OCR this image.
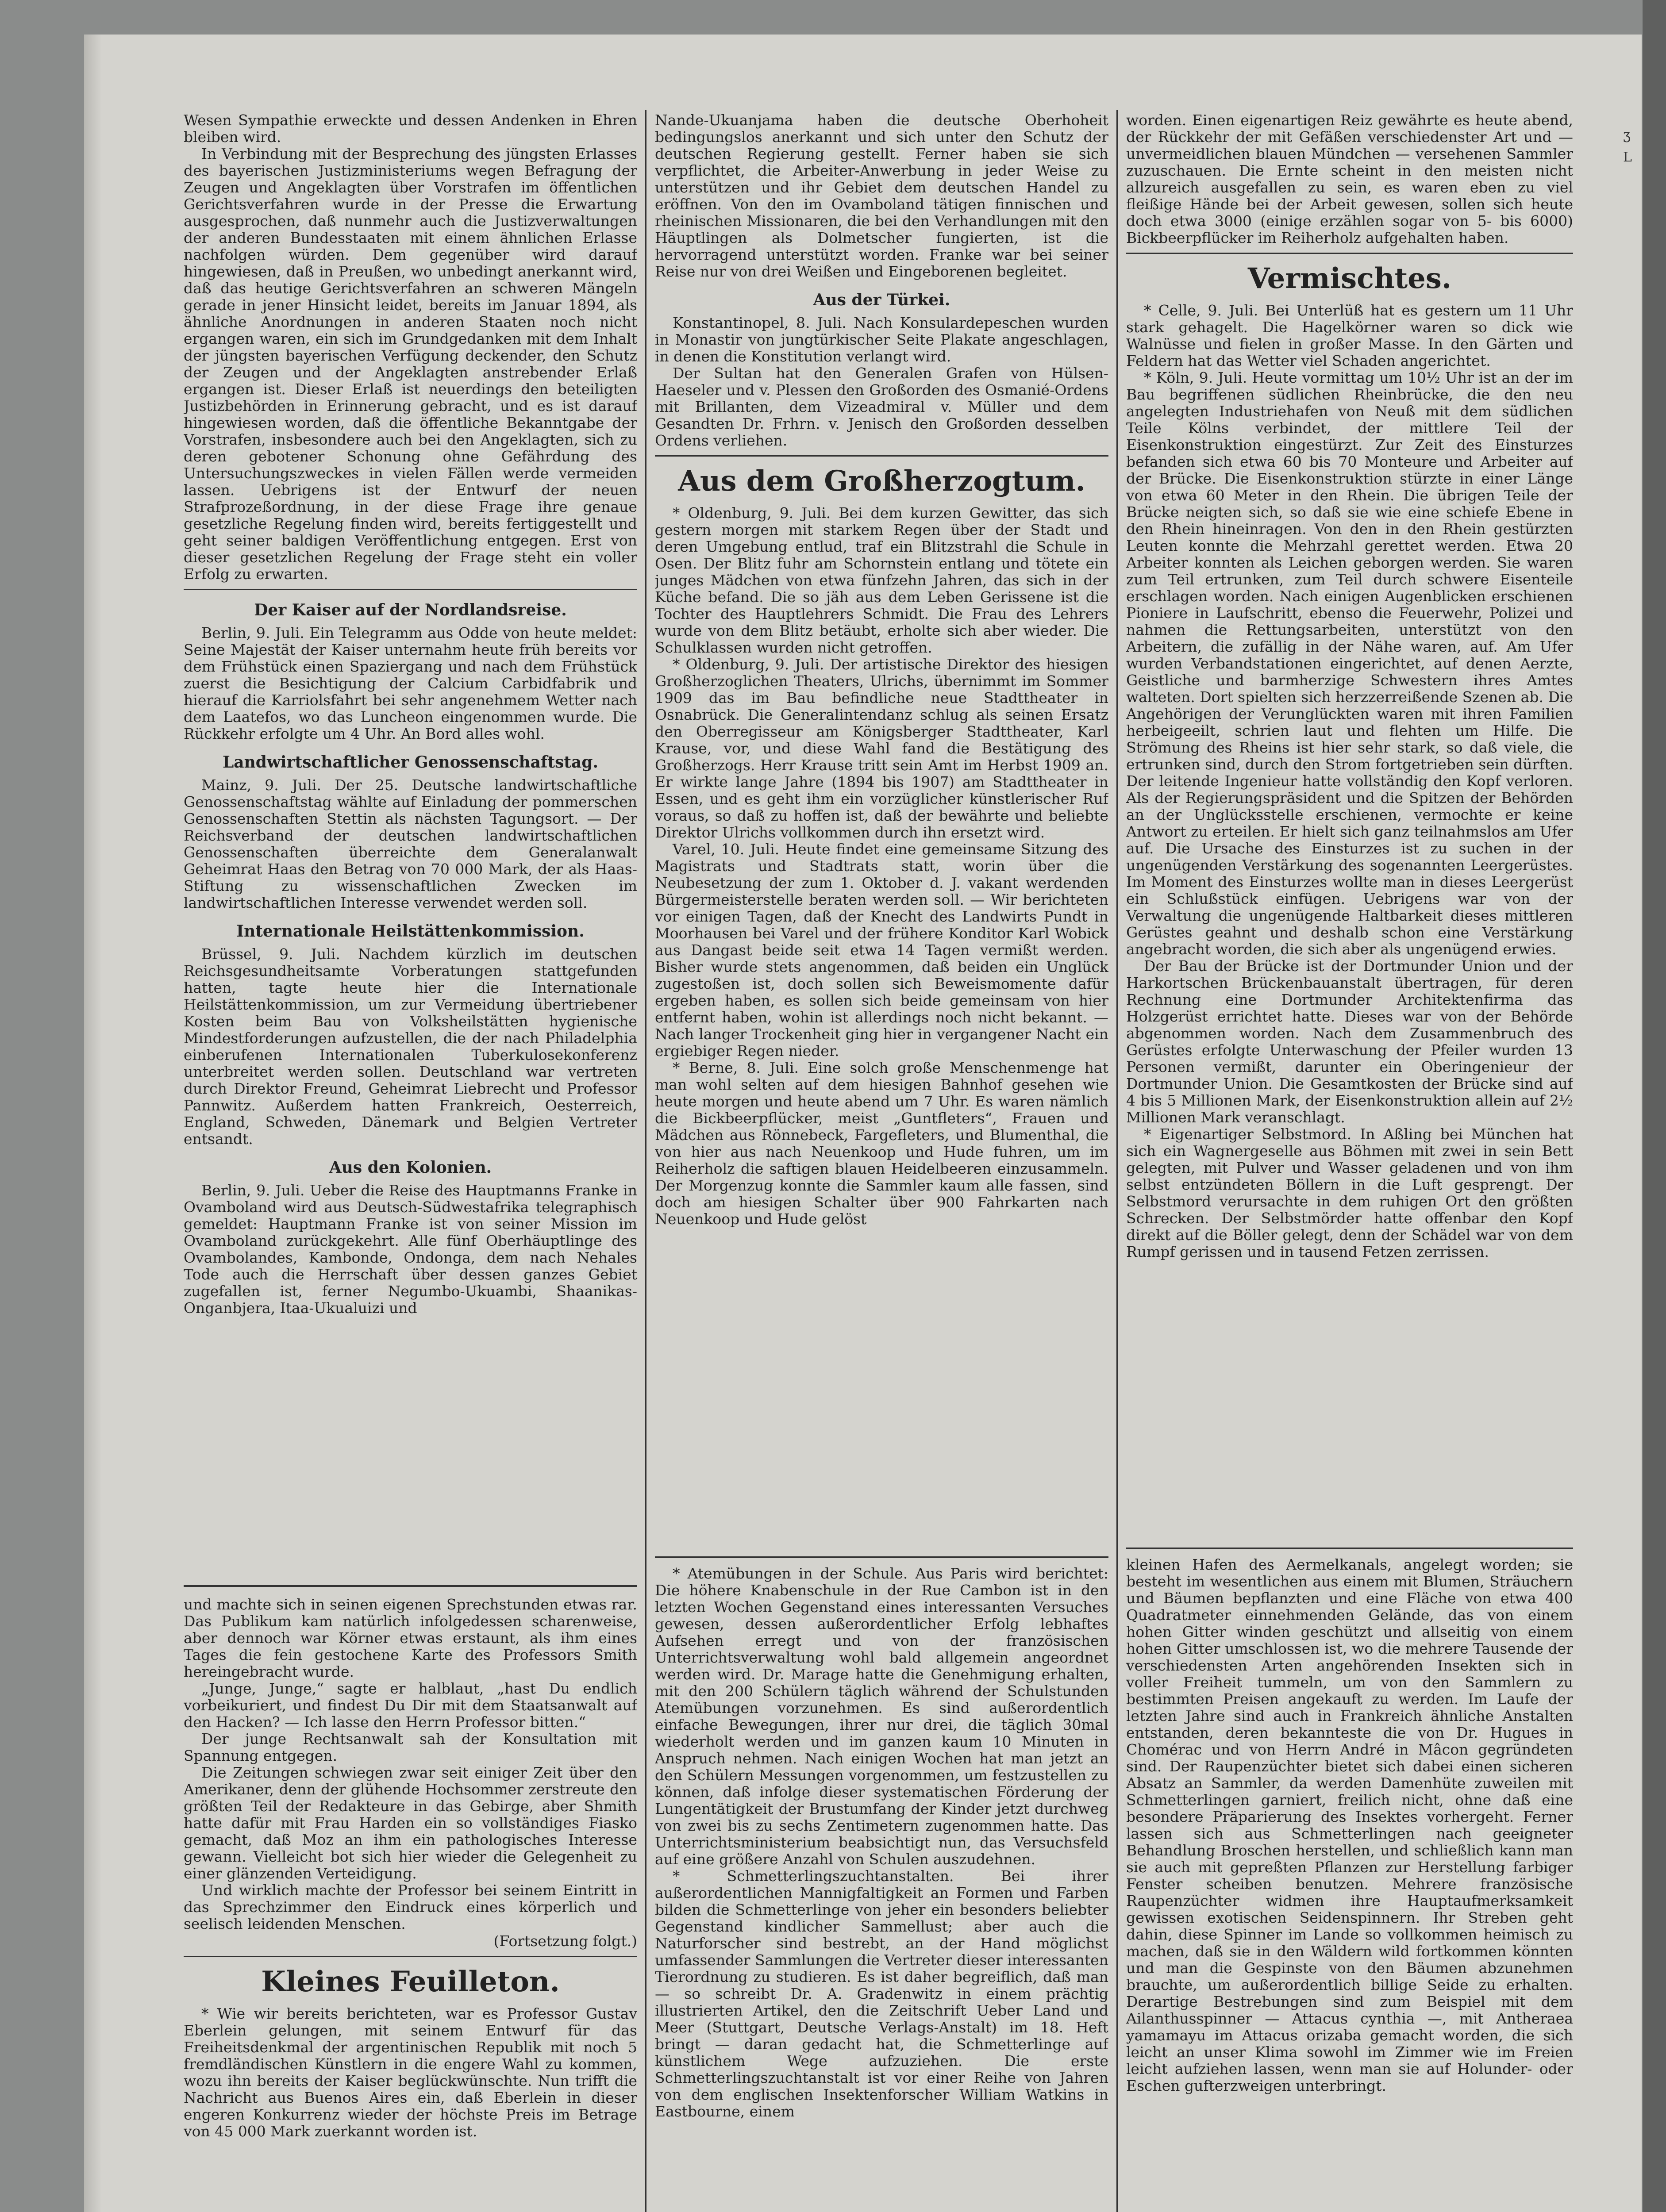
Wesen Sympathie erweckte und dessen Andenken in Ehren bleiben wird.

In Verbindung mit der Besprechung des jüngsten Erlasses des bayerischen Justizministeriums wegen Befragung der Zeugen und Angeklagten über Vorstrafen im öffentlichen Gerichtsverfahren wurde in der Presse die Erwartung ausgesprochen, daß nunmehr auch die Justizverwaltungen der anderen Bundesstaaten mit einem ähnlichen Erlasse nachfolgen würden. Dem gegenüber wird darauf hingewiesen, daß in Preußen, wo unbedingt anerkannt wird, daß das heutige Gerichtsverfahren an schweren Mängeln gerade in jener Hinsicht leidet, bereits im Januar 1894, als ähnliche Anordnungen in anderen Staaten noch nicht ergangen waren, ein sich im Grundgedanken mit dem Inhalt der jüngsten bayerischen Verfügung deckender, den Schutz der Zeugen und der Angeklagten anstrebender Erlaß ergangen ist. Dieser Erlaß ist neuerdings den beteiligten Justizbehörden in Erinnerung gebracht, und es ist darauf hingewiesen worden, daß die öffentliche Bekanntgabe der Vorstrafen, insbesondere auch bei den Angeklagten, sich zu deren gebotener Schonung ohne Gefährdung des Untersuchungszweckes in vielen Fällen werde vermeiden lassen. Uebrigens ist der Entwurf der neuen Strafprozeßordnung, in der diese Frage ihre genaue gesetzliche Regelung finden wird, bereits fertiggestellt und geht seiner baldigen Veröffentlichung entgegen. Erst von dieser gesetzlichen Regelung der Frage steht ein voller Erfolg zu erwarten.

Der Kaiser auf der Nordlandsreise.

Berlin, 9. Juli. Ein Telegramm aus Odde von heute meldet: Seine Majestät der Kaiser unternahm heute früh bereits vor dem Frühstück einen Spaziergang und nach dem Frühstück zuerst die Besichtigung der Calcium Carbidfabrik und hierauf die Karriolsfahrt bei sehr angenehmem Wetter nach dem Laatefos, wo das Luncheon eingenommen wurde. Die Rückkehr erfolgte um 4 Uhr. An Bord alles wohl.

Landwirtschaftlicher Genossenschaftstag.

Mainz, 9. Juli. Der 25. Deutsche landwirtschaftliche Genossenschaftstag wählte auf Einladung der pommerschen Genossenschaften Stettin als nächsten Tagungsort. — Der Reichsverband der deutschen landwirtschaftlichen Genossenschaften überreichte dem Generalanwalt Geheimrat Haas den Betrag von 70 000 Mark, der als Haas-Stiftung zu wissenschaftlichen Zwecken im landwirtschaftlichen Interesse verwendet werden soll.

Internationale Heilstättenkommission.

Brüssel, 9. Juli. Nachdem kürzlich im deutschen Reichsgesundheitsamte Vorberatungen stattgefunden hatten, tagte heute hier die Internationale Heilstättenkommission, um zur Vermeidung übertriebener Kosten beim Bau von Volksheilstätten hygienische Mindestforderungen aufzustellen, die der nach Philadelphia einberufenen Internationalen Tuberkulosekonferenz unterbreitet werden sollen. Deutschland war vertreten durch Direktor Freund, Geheimrat Liebrecht und Professor Pannwitz. Außerdem hatten Frankreich, Oesterreich, England, Schweden, Dänemark und Belgien Vertreter entsandt.

Aus den Kolonien.

Berlin, 9. Juli. Ueber die Reise des Hauptmanns Franke in Ovamboland wird aus Deutsch-Südwestafrika telegraphisch gemeldet: Hauptmann Franke ist von seiner Mission im Ovamboland zurückgekehrt. Alle fünf Oberhäuptlinge des Ovambolandes, Kambonde, Ondonga, dem nach Nehales Tode auch die Herrschaft über dessen ganzes Gebiet zugefallen ist, ferner Negumbo-Ukuambi, Shaanikas-Onganbjera, Itaa-Ukualuizi und

Nande-Ukuanjama haben die deutsche Oberhoheit bedingungslos anerkannt und sich unter den Schutz der deutschen Regierung gestellt. Ferner haben sie sich verpflichtet, die Arbeiter-Anwerbung in jeder Weise zu unterstützen und ihr Gebiet dem deutschen Handel zu eröffnen. Von den im Ovamboland tätigen finnischen und rheinischen Missionaren, die bei den Verhandlungen mit den Häuptlingen als Dolmetscher fungierten, ist die hervorragend unterstützt worden. Franke war bei seiner Reise nur von drei Weißen und Eingeborenen begleitet.

Aus der Türkei.

Konstantinopel, 8. Juli. Nach Konsulardepeschen wurden in Monastir von jungtürkischer Seite Plakate angeschlagen, in denen die Konstitution verlangt wird.

Der Sultan hat den Generalen Grafen von Hülsen-Haeseler und v. Plessen den Großorden des Osmanié-Ordens mit Brillanten, dem Vizeadmiral v. Müller und dem Gesandten Dr. Frhrn. v. Jenisch den Großorden desselben Ordens verliehen.

Aus dem Großherzogtum.

* Oldenburg, 9. Juli. Bei dem kurzen Gewitter, das sich gestern morgen mit starkem Regen über der Stadt und deren Umgebung entlud, traf ein Blitzstrahl die Schule in Osen. Der Blitz fuhr am Schornstein entlang und tötete ein junges Mädchen von etwa fünfzehn Jahren, das sich in der Küche befand. Die so jäh aus dem Leben Gerissene ist die Tochter des Hauptlehrers Schmidt. Die Frau des Lehrers wurde von dem Blitz betäubt, erholte sich aber wieder. Die Schulklassen wurden nicht getroffen.

* Oldenburg, 9. Juli. Der artistische Direktor des hiesigen Großherzoglichen Theaters, Ulrichs, übernimmt im Sommer 1909 das im Bau befindliche neue Stadttheater in Osnabrück. Die Generalintendanz schlug als seinen Ersatz den Oberregisseur am Königsberger Stadttheater, Karl Krause, vor, und diese Wahl fand die Bestätigung des Großherzogs. Herr Krause tritt sein Amt im Herbst 1909 an. Er wirkte lange Jahre (1894 bis 1907) am Stadttheater in Essen, und es geht ihm ein vorzüglicher künstlerischer Ruf voraus, so daß zu hoffen ist, daß der bewährte und beliebte Direktor Ulrichs vollkommen durch ihn ersetzt wird.

Varel, 10. Juli. Heute findet eine gemeinsame Sitzung des Magistrats und Stadtrats statt, worin über die Neubesetzung der zum 1. Oktober d. J. vakant werdenden Bürgermeisterstelle beraten werden soll. — Wir berichteten vor einigen Tagen, daß der Knecht des Landwirts Pundt in Moorhausen bei Varel und der frühere Konditor Karl Wobick aus Dangast beide seit etwa 14 Tagen vermißt werden. Bisher wurde stets angenommen, daß beiden ein Unglück zugestoßen ist, doch sollen sich Beweismomente dafür ergeben haben, es sollen sich beide gemeinsam von hier entfernt haben, wohin ist allerdings noch nicht bekannt. — Nach langer Trockenheit ging hier in vergangener Nacht ein ergiebiger Regen nieder.

* Berne, 8. Juli. Eine solch große Menschenmenge hat man wohl selten auf dem hiesigen Bahnhof gesehen wie heute morgen und heute abend um 7 Uhr. Es waren nämlich die Bickbeerpflücker, meist „Guntfleters“, Frauen und Mädchen aus Rönnebeck, Fargefleters, und Blumenthal, die von hier aus nach Neuenkoop und Hude fuhren, um im Reiherholz die saftigen blauen Heidelbeeren einzusammeln. Der Morgenzug konnte die Sammler kaum alle fassen, sind doch am hiesigen Schalter über 900 Fahrkarten nach Neuenkoop und Hude gelöst

worden. Einen eigenartigen Reiz gewährte es heute abend, der Rückkehr der mit Gefäßen verschiedenster Art und — unvermeidlichen blauen Mündchen — versehenen Sammler zuzuschauen. Die Ernte scheint in den meisten nicht allzureich ausgefallen zu sein, es waren eben zu viel fleißige Hände bei der Arbeit gewesen, sollen sich heute doch etwa 3000 (einige erzählen sogar von 5- bis 6000) Bickbeerpflücker im Reiherholz aufgehalten haben.

Vermischtes.

* Celle, 9. Juli. Bei Unterlüß hat es gestern um 11 Uhr stark gehagelt. Die Hagelkörner waren so dick wie Walnüsse und fielen in großer Masse. In den Gärten und Feldern hat das Wetter viel Schaden angerichtet.

* Köln, 9. Juli. Heute vormittag um 10½ Uhr ist an der im Bau begriffenen südlichen Rheinbrücke, die den neu angelegten Industriehafen von Neuß mit dem südlichen Teile Kölns verbindet, der mittlere Teil der Eisenkonstruktion eingestürzt. Zur Zeit des Einsturzes befanden sich etwa 60 bis 70 Monteure und Arbeiter auf der Brücke. Die Eisenkonstruktion stürzte in einer Länge von etwa 60 Meter in den Rhein. Die übrigen Teile der Brücke neigten sich, so daß sie wie eine schiefe Ebene in den Rhein hineinragen. Von den in den Rhein gestürzten Leuten konnte die Mehrzahl gerettet werden. Etwa 20 Arbeiter konnten als Leichen geborgen werden. Sie waren zum Teil ertrunken, zum Teil durch schwere Eisenteile erschlagen worden. Nach einigen Augenblicken erschienen Pioniere in Laufschritt, ebenso die Feuerwehr, Polizei und nahmen die Rettungsarbeiten, unterstützt von den Arbeitern, die zufällig in der Nähe waren, auf. Am Ufer wurden Verbandstationen eingerichtet, auf denen Aerzte, Geistliche und barmherzige Schwestern ihres Amtes walteten. Dort spielten sich herzzerreißende Szenen ab. Die Angehörigen der Verunglückten waren mit ihren Familien herbeigeeilt, schrien laut und flehten um Hilfe. Die Strömung des Rheins ist hier sehr stark, so daß viele, die ertrunken sind, durch den Strom fortgetrieben sein dürften. Der leitende Ingenieur hatte vollständig den Kopf verloren. Als der Regierungspräsident und die Spitzen der Behörden an der Unglücksstelle erschienen, vermochte er keine Antwort zu erteilen. Er hielt sich ganz teilnahmslos am Ufer auf. Die Ursache des Einsturzes ist zu suchen in der ungenügenden Verstärkung des sogenannten Leergerüstes. Im Moment des Einsturzes wollte man in dieses Leergerüst ein Schlußstück einfügen. Uebrigens war von der Verwaltung die ungenügende Haltbarkeit dieses mittleren Gerüstes geahnt und deshalb schon eine Verstärkung angebracht worden, die sich aber als ungenügend erwies.

Der Bau der Brücke ist der Dortmunder Union und der Harkortschen Brückenbauanstalt übertragen, für deren Rechnung eine Dortmunder Architektenfirma das Holzgerüst errichtet hatte. Dieses war von der Behörde abgenommen worden. Nach dem Zusammenbruch des Gerüstes erfolgte Unterwaschung der Pfeiler wurden 13 Personen vermißt, darunter ein Oberingenieur der Dortmunder Union. Die Gesamtkosten der Brücke sind auf 4 bis 5 Millionen Mark, der Eisenkonstruktion allein auf 2½ Millionen Mark veranschlagt.

* Eigenartiger Selbstmord. In Aßling bei München hat sich ein Wagnergeselle aus Böhmen mit zwei in sein Bett gelegten, mit Pulver und Wasser geladenen und von ihm selbst entzündeten Böllern in die Luft gesprengt. Der Selbstmord verursachte in dem ruhigen Ort den größten Schrecken. Der Selbstmörder hatte offenbar den Kopf direkt auf die Böller gelegt, denn der Schädel war von dem Rumpf gerissen und in tausend Fetzen zerrissen.

und machte sich in seinen eigenen Sprechstunden etwas rar. Das Publikum kam natürlich infolgedessen scharenweise, aber dennoch war Körner etwas erstaunt, als ihm eines Tages die fein gestochene Karte des Professors Smith hereingebracht wurde.

„Junge, Junge,“ sagte er halblaut, „hast Du endlich vorbeikuriert, und findest Du Dir mit dem Staatsanwalt auf den Hacken? — Ich lasse den Herrn Professor bitten.“

Der junge Rechtsanwalt sah der Konsultation mit Spannung entgegen.

Die Zeitungen schwiegen zwar seit einiger Zeit über den Amerikaner, denn der glühende Hochsommer zerstreute den größten Teil der Redakteure in das Gebirge, aber Shmith hatte dafür mit Frau Harden ein so vollständiges Fiasko gemacht, daß Moz an ihm ein pathologisches Interesse gewann. Vielleicht bot sich hier wieder die Gelegenheit zu einer glänzenden Verteidigung.

Und wirklich machte der Professor bei seinem Eintritt in das Sprechzimmer den Eindruck eines körperlich und seelisch leidenden Menschen.

(Fortsetzung folgt.)
Kleines Feuilleton.

* Wie wir bereits berichteten, war es Professor Gustav Eberlein gelungen, mit seinem Entwurf für das Freiheitsdenkmal der argentinischen Republik mit noch 5 fremdländischen Künstlern in die engere Wahl zu kommen, wozu ihn bereits der Kaiser beglückwünschte. Nun trifft die Nachricht aus Buenos Aires ein, daß Eberlein in dieser engeren Konkurrenz wieder der höchste Preis im Betrage von 45 000 Mark zuerkannt worden ist.

* Atemübungen in der Schule. Aus Paris wird berichtet: Die höhere Knabenschule in der Rue Cambon ist in den letzten Wochen Gegenstand eines interessanten Versuches gewesen, dessen außerordentlicher Erfolg lebhaftes Aufsehen erregt und von der französischen Unterrichtsverwaltung wohl bald allgemein angeordnet werden wird. Dr. Marage hatte die Genehmigung erhalten, mit den 200 Schülern täglich während der Schulstunden Atemübungen vorzunehmen. Es sind außerordentlich einfache Bewegungen, ihrer nur drei, die täglich 30mal wiederholt werden und im ganzen kaum 10 Minuten in Anspruch nehmen. Nach einigen Wochen hat man jetzt an den Schülern Messungen vorgenommen, um festzustellen zu können, daß infolge dieser systematischen Förderung der Lungentätigkeit der Brustumfang der Kinder jetzt durchweg von zwei bis zu sechs Zentimetern zugenommen hatte. Das Unterrichtsministerium beabsichtigt nun, das Versuchsfeld auf eine größere Anzahl von Schulen auszudehnen.

* Schmetterlingszuchtanstalten. Bei ihrer außerordentlichen Mannigfaltigkeit an Formen und Farben bilden die Schmetterlinge von jeher ein besonders beliebter Gegenstand kindlicher Sammellust; aber auch die Naturforscher sind bestrebt, an der Hand möglichst umfassender Sammlungen die Vertreter dieser interessanten Tierordnung zu studieren. Es ist daher begreiflich, daß man — so schreibt Dr. A. Gradenwitz in einem prächtig illustrierten Artikel, den die Zeitschrift Ueber Land und Meer (Stuttgart, Deutsche Verlags-Anstalt) im 18. Heft bringt — daran gedacht hat, die Schmetterlinge auf künstlichem Wege aufzuziehen. Die erste Schmetterlingszuchtanstalt ist vor einer Reihe von Jahren von dem englischen Insektenforscher William Watkins in Eastbourne, einem

kleinen Hafen des Aermelkanals, angelegt worden; sie besteht im wesentlichen aus einem mit Blumen, Sträuchern und Bäumen bepflanzten und eine Fläche von etwa 400 Quadratmeter einnehmenden Gelände, das von einem hohen Gitter winden geschützt und allseitig von einem hohen Gitter umschlossen ist, wo die mehrere Tausende der verschiedensten Arten angehörenden Insekten sich in voller Freiheit tummeln, um von den Sammlern zu bestimmten Preisen angekauft zu werden. Im Laufe der letzten Jahre sind auch in Frankreich ähnliche Anstalten entstanden, deren bekannteste die von Dr. Hugues in Chomérac und von Herrn André in Mâcon gegründeten sind. Der Raupenzüchter bietet sich dabei einen sicheren Absatz an Sammler, da werden Damenhüte zuweilen mit Schmetterlingen garniert, freilich nicht, ohne daß eine besondere Präparierung des Insektes vorhergeht. Ferner lassen sich aus Schmetterlingen nach geeigneter Behandlung Broschen herstellen, und schließlich kann man sie auch mit gepreßten Pflanzen zur Herstellung farbiger Fenster scheiben benutzen. Mehrere französische Raupenzüchter widmen ihre Hauptaufmerksamkeit gewissen exotischen Seidenspinnern. Ihr Streben geht dahin, diese Spinner im Lande so vollkommen heimisch zu machen, daß sie in den Wäldern wild fortkommen könnten und man die Gespinste von den Bäumen abzunehmen brauchte, um außerordentlich billige Seide zu erhalten. Derartige Bestrebungen sind zum Beispiel mit dem Ailanthusspinner — Attacus cynthia —, mit Antheraea yamamayu im Attacus orizaba gemacht worden, die sich leicht an unser Klima sowohl im Zimmer wie im Freien leicht aufziehen lassen, wenn man sie auf Holunder- oder Eschen gufterzweigen unterbringt.

ʒ
L
